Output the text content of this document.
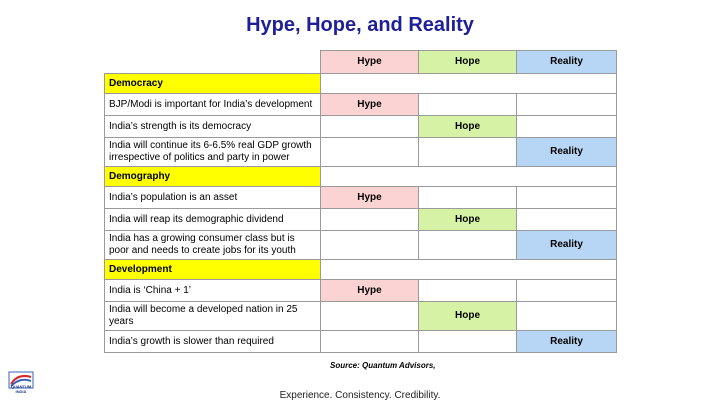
Hype, Hope, and Reality
	Hype	Hope	Reality
Democracy			
BJP/Modi is important for India’s development	Hype		
India’s strength is its democracy		Hope	
India will continue its 6-6.5% real GDP growth irrespective of politics and party in power			Reality
Demography			
India’s population is an asset	Hype		
India will reap its demographic dividend		Hope	
India has a growing consumer class but is poor and needs to create jobs for its youth			Reality
Development			
India is ‘China + 1’	Hype		
India will become a developed nation in 25 years		Hope	
India’s growth is slower than required			Reality
Source: Quantum Advisors,
QUANTUM
INDIA	Experience. Consistency. Credibility.
